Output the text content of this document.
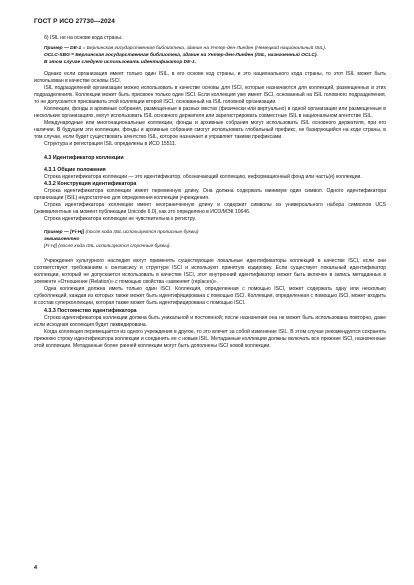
ГОСТ Р ИСО 27730—2024

б) ISIL не на основе кода страны.

Пример — DE-1 = Берлинская государственная библиотека, здание на Унтер-ден-Линден (Немецкий национальный ISIL).

OCLC-SBG = Берлинская государственная библиотека, здание на Унтер-ден-Линден (ISIL, назначенный OCLC).

В этом случае следует использовать идентификатор DE-1.

Однако если организация имеет только один ISIL, в его основе код страны, и это национального кода страны, то этот ISIL может быть использован в качестве основы ISCI.

ISIL подразделений организации можно использовать в качестве основы для ISCI, которые назначаются для коллекций, размещенных в этих подразделениях. Коллекции может быть присвоен только один ISCI. Если коллекция уже имеет ISCI, основанный на ISIL головного подразделения, то не допускается присваивать этой коллекции второй ISCI, основанный на ISIL головной организации.

Коллекции, фонды и архивные собрания, размещенные в разных местах (физически или виртуально) в одной организации или размещенные в нескольких организациях, могут использовать ISIL основного держателя или зарегистрировать совместные ISIL в национальном агентстве ISIL.

Международные или многонациональные коллекции, фонды и архивные собрания могут использовать ISIL основного держателя, при его наличии. В будущем эти коллекции, фонды и архивные собрания смогут использовать глобальный префикс, не базирующийся на коде страны, в том случае, если будет существовать агентство ISIL, которое назначает и управляет такими префиксами.

Структура и регистрация ISIL определены в ИСО 15511.

4.3 Идентификатор коллекции
4.3.1 Общие положения

Строка идентификатора коллекции — это идентификатор, обозначающий коллекцию, информационный фонд или часть(и) коллекции.

4.3.2 Конструкция идентификатора

Строка идентификатора коллекции имеет переменную длину. Она должна содержать минимум один символ. Одного идентификатора организации (ISIL) недостаточно для определения коллекции учреждения.

Строка идентификатора коллекции имеет неограниченную длину и содержит символы из универсального набора символов UCS (эквивалентные на момент публикации Unicode 6.0), как это определено в ИСО/МЭК 10646.

Строка идентификатора коллекции не чувствительна к регистру.

Пример — [Fi-Hj] (после кода ISIL используются прописные буквы)

эквивалентно

[Fi-Hj] (после кода ISIL используются строчные буквы).

Учреждения культурного наследия могут применять существующие локальные идентификаторы коллекций в качестве ISCI, если они соответствуют требованиям к синтаксису и структуре ISCI и используют принятую кодировку. Если существует локальный идентификатор коллекции, который не допускается использовать в качестве ISCI, этот внутренний идентификатор может быть включен в запись метаданных в элементе «Отношение (Relation)» с помощью свойства «заменяет (replaces)».

Одна коллекция должна иметь только один ISCI. Коллекция, определенная с помощью ISCI, может содержать одну или несколько субколлекций, каждая из которых также может быть идентифицирована с помощью ISCI. Коллекция, определенная с помощью ISCI, может входить в состав суперколлекции, которая также может быть идентифицирована с помощью ISCI.

4.3.3 Постоянство идентификатора

Строка идентификатора коллекции должна быть уникальной и постоянной; после назначения она не может быть использована повторно, даже если исходная коллекция будет ликвидирована.

Когда коллекция перемещается из одного учреждения в другое, то это влечет за собой изменение ISIL. В этом случае рекомендуется сохранять прежнюю строку идентификатора коллекции и соединить ее с новым ISIL. Метаданные коллекции должны включать все прежние ISCI, назначенные этой коллекции. Метаданные более ранней коллекции могут быть дополнены ISCI новой коллекции.

4
